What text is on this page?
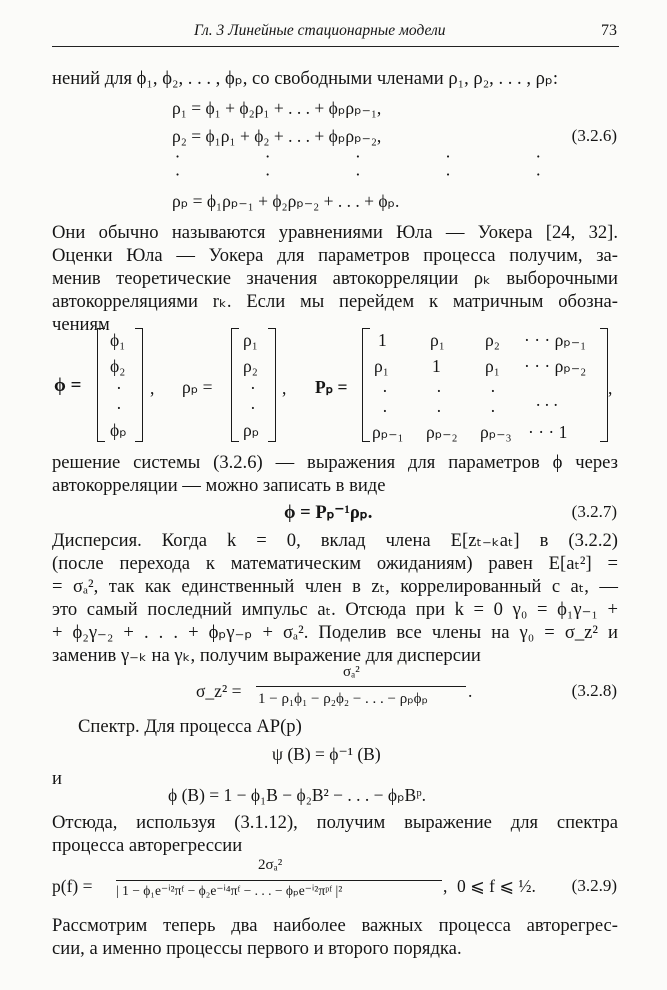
Гл. 3 Линейные стационарные модели	73
нений для ϕ₁, ϕ₂, . . . , ϕₚ, со свободными членами ρ₁, ρ₂, . . . , ρₚ:
ρ₁ = ϕ₁ + ϕ₂ρ₁ + . . . + ϕₚρₚ₋₁,
ρ₂ = ϕ₁ρ₁ + ϕ₂ + . . . + ϕₚρₚ₋₂,	(3.2.6)
· · · · ·
· · · · ·
ρₚ = ϕ₁ρₚ₋₁ + ϕ₂ρₚ₋₂ + . . . + ϕₚ.
Они обычно называются уравнениями Юла — Уокера [24, 32].
Оценки Юла — Уокера для параметров процесса получим, за-
менив теоретические значения автокорреляции ρₖ выборочными
автокорреляциями rₖ. Если мы перейдем к матричным обозна-
чениям
ϕ =
ϕ₁
ϕ₂
·
·
ϕₚ
, ρₚ =
ρ₁
ρ₂
·
·
ρₚ
, Pₚ =
1 ρ₁ ρ₂ · · · ρₚ₋₁
ρ₁ 1	ρ₁ · · · ρₚ₋₂
·	·	· . . .
·	·	·
ρₚ₋₁ ρₚ₋₂ ρₚ₋₃ · · · 1
,
решение системы (3.2.6) — выражения для параметров ϕ через
автокорреляции — можно записать в виде
ϕ = Pₚ⁻¹ρₚ.	(3.2.7)
Дисперсия. Когда k = 0, вклад члена E[zₜ₋ₖaₜ] в (3.2.2)
(после перехода к математическим ожиданиям) равен E[aₜ²] =
= σₐ², так как единственный член в zₜ, коррелированный с aₜ, —
это самый последний импульс aₜ. Отсюда при k = 0 γ₀ = ϕ₁γ₋₁ +
+ ϕ₂γ₋₂ + . . . + ϕₚγ₋ₚ + σₐ². Поделив все члены на γ₀ = σ_z² и
заменив γ₋ₖ на γₖ, получим выражение для дисперсии
σ_z² =
σₐ²
1 − ρ₁ϕ₁ − ρ₂ϕ₂ − . . . − ρₚϕₚ .	(3.2.8)
Спектр. Для процесса АР(p)
ψ (B) = ϕ⁻¹ (B)
и
ϕ (B) = 1 − ϕ₁B − ϕ₂B² − . . . − ϕₚBᵖ.
Отсюда, используя (3.1.12), получим выражение для спектра
процесса авторегрессии
p(f) =
2σₐ²
| 1 − ϕ₁e⁻ⁱ²πᶠ − ϕ₂e⁻ⁱ⁴πᶠ − . . . − ϕₚe⁻ⁱ²πᵖᶠ |²	, 0 ⩽ f ⩽ ½. (3.2.9)
Рассмотрим теперь два наиболее важных процесса авторегрес-
сии, а именно процессы первого и второго порядка.
